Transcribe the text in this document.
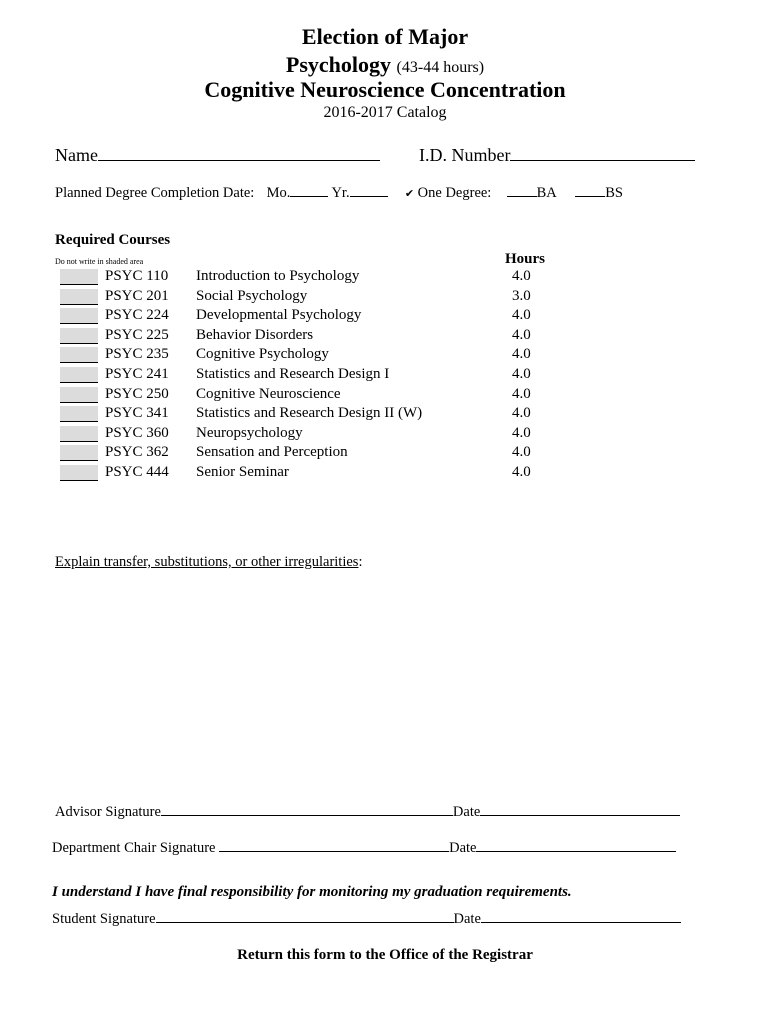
Election of Major
Psychology (43-44 hours)
Cognitive Neuroscience Concentration
2016-2017 Catalog
Name	I.D. Number
Planned Degree Completion Date: Mo.	Yr.	✔ One Degree:	BA	BS
Required Courses
Do not write in shaded area	Hours
PSYC 110 Introduction to Psychology	4.0
PSYC 201 Social Psychology	3.0
PSYC 224 Developmental Psychology	4.0
PSYC 225 Behavior Disorders	4.0
PSYC 235 Cognitive Psychology	4.0
PSYC 241 Statistics and Research Design I	4.0
PSYC 250 Cognitive Neuroscience	4.0
PSYC 341 Statistics and Research Design II (W)	4.0
PSYC 360 Neuropsychology	4.0
PSYC 362 Sensation and Perception	4.0
PSYC 444 Senior Seminar	4.0
Explain transfer, substitutions, or other irregularities:
Advisor Signature	Date
Department Chair Signature	Date
I understand I have final responsibility for monitoring my graduation requirements.
Student Signature	Date
Return this form to the Office of the Registrar
